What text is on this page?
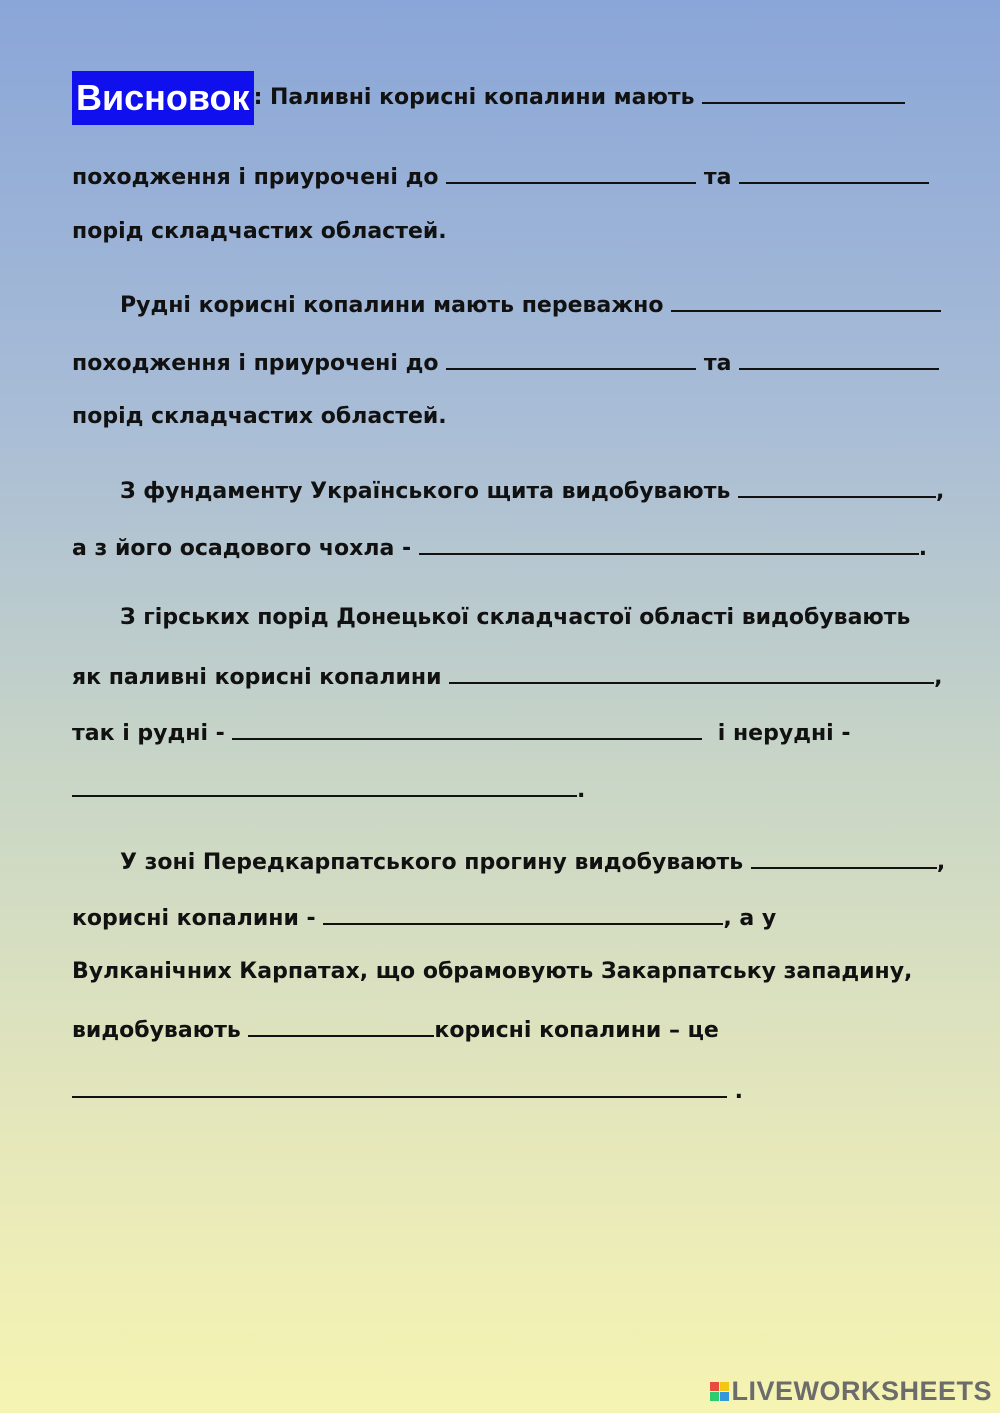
Висновок : Паливні корисні копалини мають
походження і приурочені до	та
порід складчастих областей.
Рудні корисні копалини мають переважно
походження і приурочені до	та
порід складчастих областей.
З фундаменту Українського щита видобувають	,
а з його осадового чохла -	.
З гірських порід Донецької складчастої області видобувають
як паливні корисні копалини	,
так і рудні -	і нерудні -
.
У зоні Передкарпатського прогину видобувають	,
корисні копалини -	, а у
Вулканічних Карпатах, що обрамовують Закарпатську западину,
видобувають	корисні копалини – це
.
LIVEWORKSHEETS
